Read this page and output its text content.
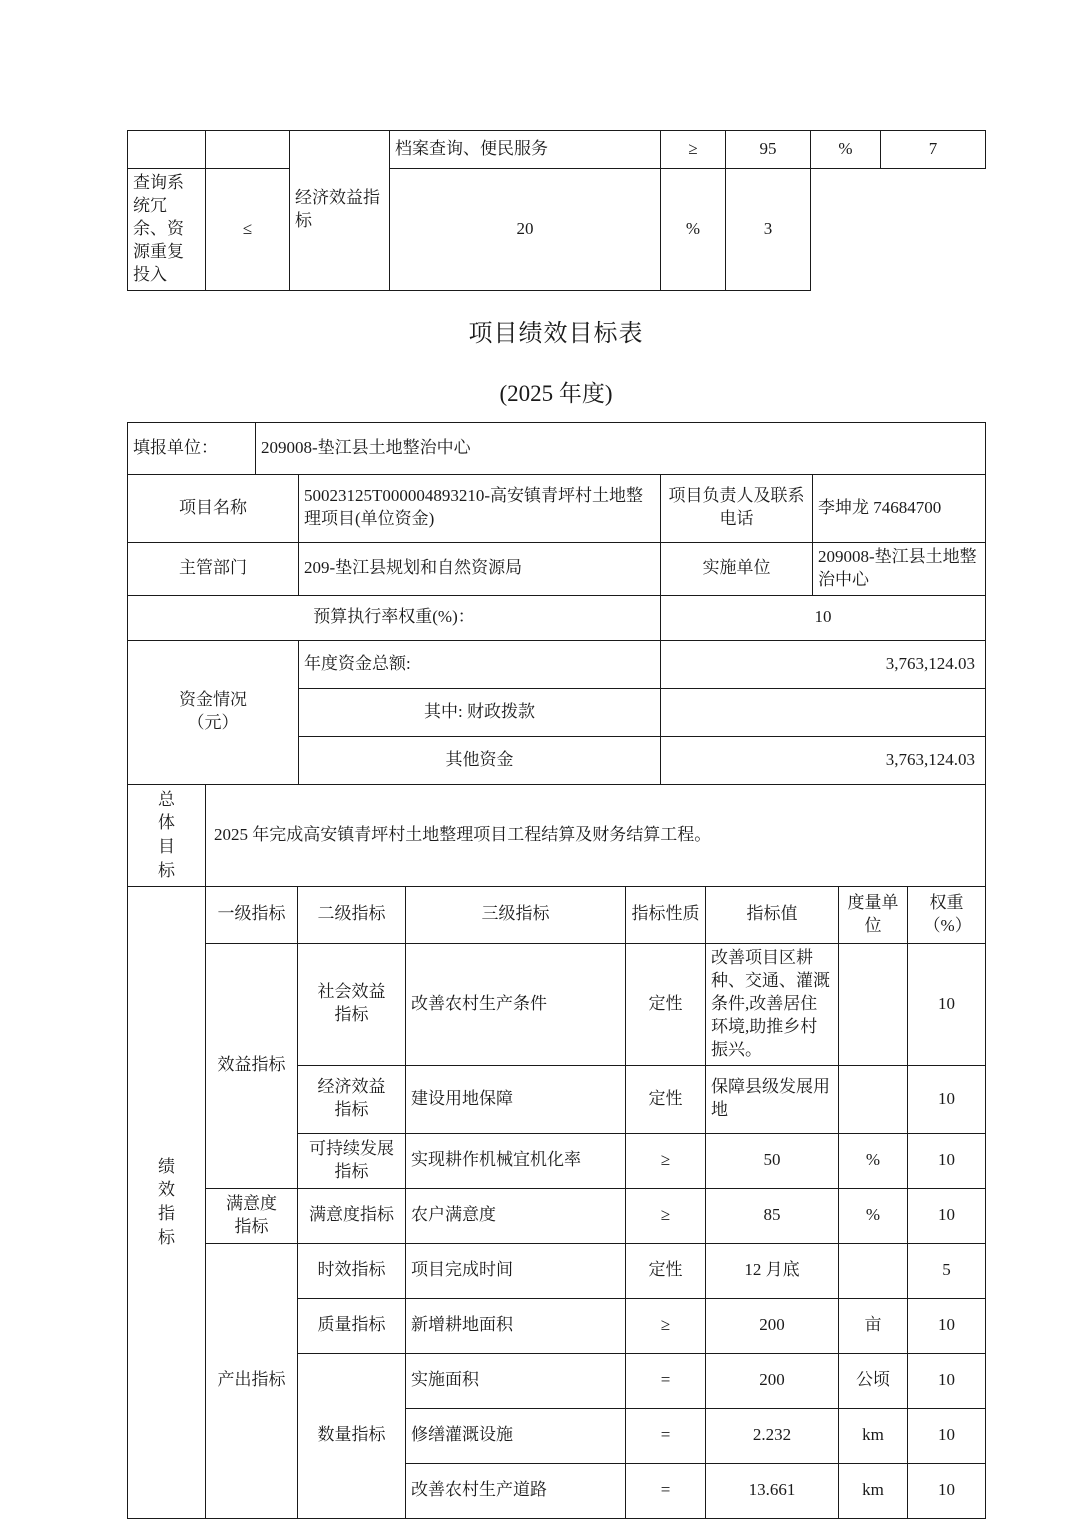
		经济效益指标	档案查询、便民服务	≥	95	%	7
查询系统冗余、资源重复投入	≤		20	%	3		
项目绩效目标表
(2025 年度)
填报单位：	209008-垫江县土地整治中心			
项目名称		50023125T000004893210-高安镇青坪村土地整理项目(单位资金)	项目负责人及联系电话	李坤龙 74684700
主管部门		209-垫江县规划和自然资源局	实施单位	209008-垫江县土地整治中心
预算执行率权重(%)：			10	
资金情况（元）		年度资金总额:	3,763,124.03	
		其中: 财政拨款		
		其他资金	3,763,124.03	
总体目标	2025 年完成高安镇青坪村土地整理项目工程结算及财务结算工程。						
绩效指标	一级指标	二级指标	三级指标	指标性质	指标值	度量单位	权重（%）
	效益指标	社会效益指标	改善农村生产条件	定性	改善项目区耕种、交通、灌溉条件,改善居住环境,助推乡村振兴。		10
		经济效益指标	建设用地保障	定性	保障县级发展用地		10
		可持续发展指标	实现耕作机械宜机化率	≥	50	%	10
	满意度指标	满意度指标	农户满意度	≥	85	%	10
	产出指标	时效指标	项目完成时间	定性	12 月底		5
		质量指标	新增耕地面积	≥	200	亩	10
		数量指标	实施面积	=	200	公顷	10
			修缮灌溉设施	=	2.232	km	10
			改善农村生产道路	=	13.661	km	10
